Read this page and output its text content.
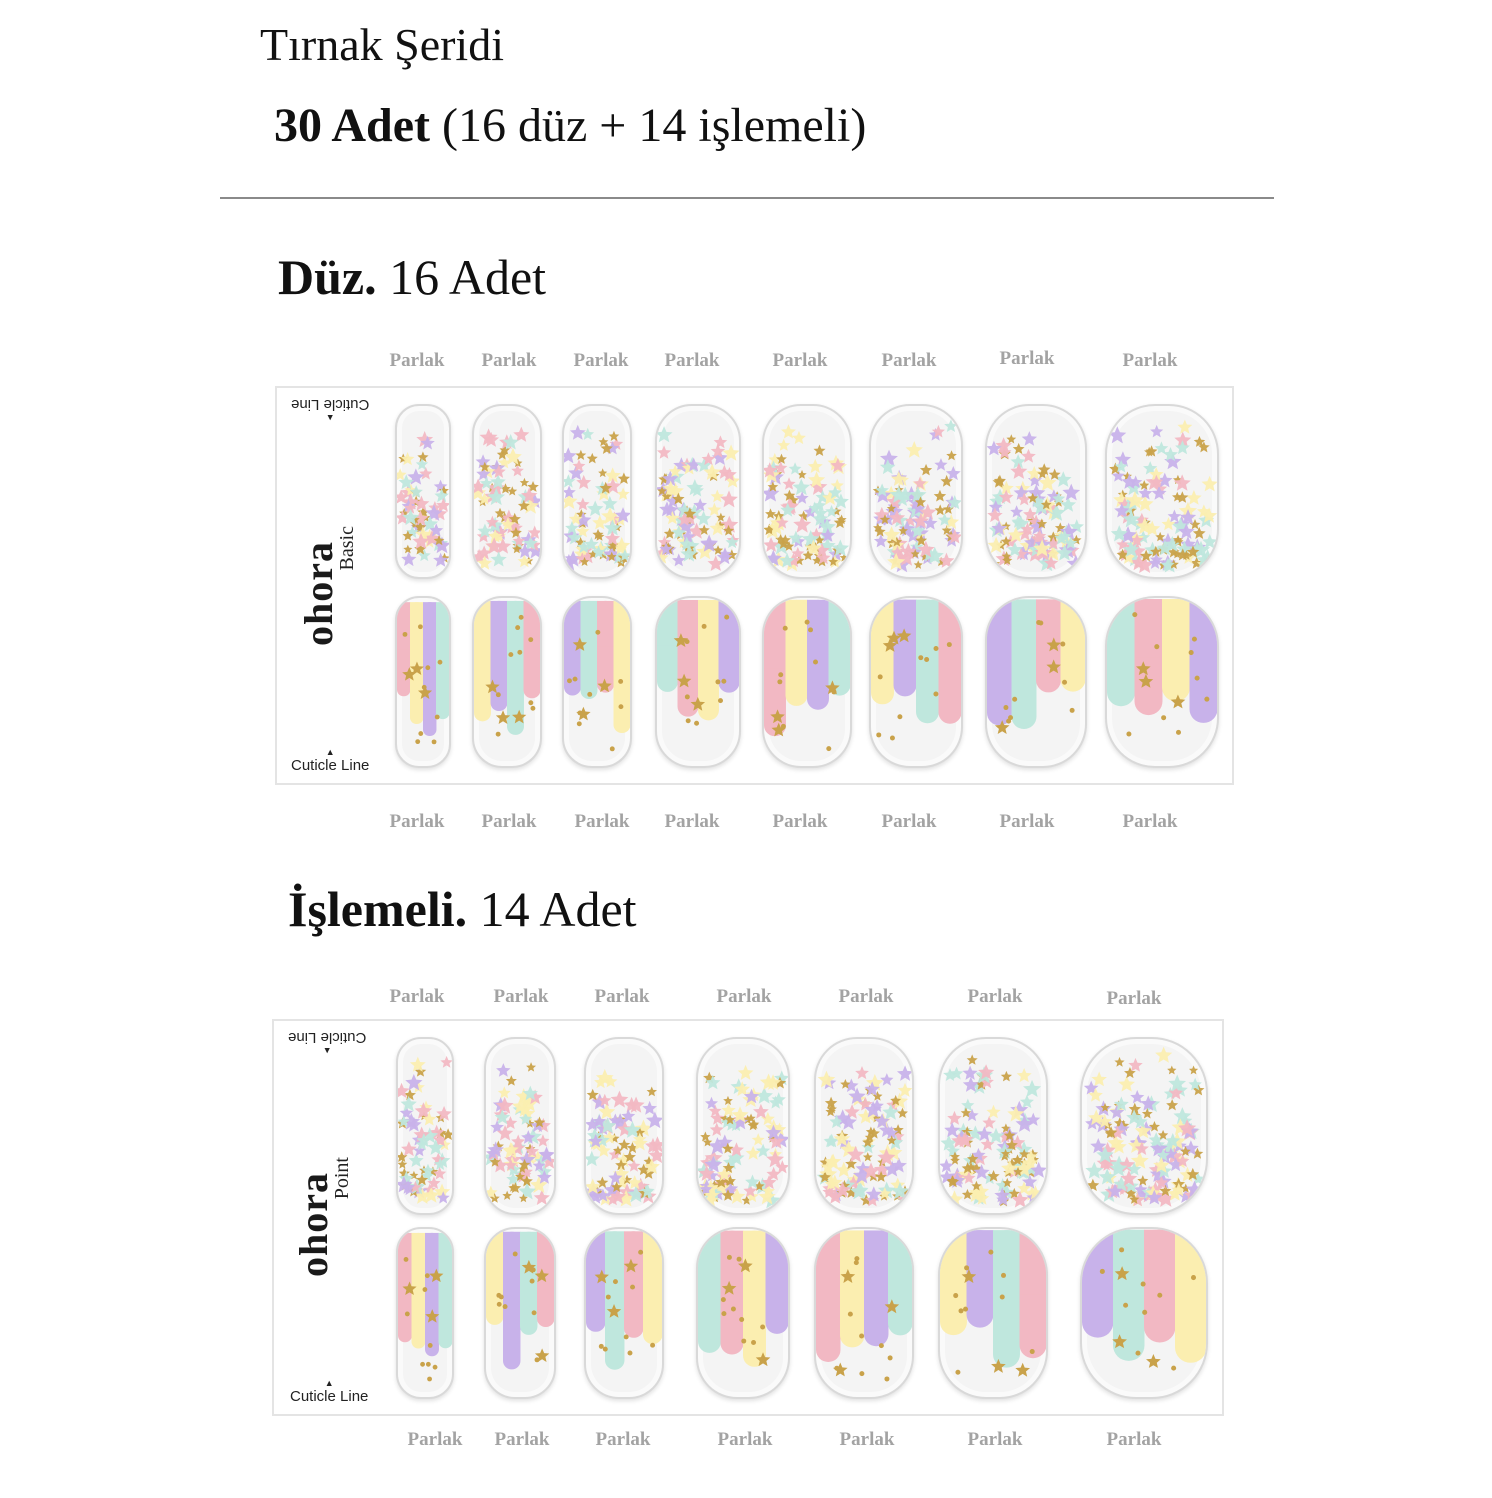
Tırnak Şeridi
30 Adet (16 düz + 14 işlemeli)
Düz. 16 Adet
Parlak Parlak Parlak Parlak	Parlak	Parlak	Parlak	Parlak
▲
Cuticle Line
ohora
Basic
▲
Cuticle Line
Parlak Parlak Parlak Parlak	Parlak	Parlak	Parlak	Parlak
İşlemeli. 14 Adet
Parlak	Parlak Parlak	Parlak	Parlak	Parlak	Parlak
▲
Cuticle Line
ohora
Point
▲
Cuticle Line
Parlak Parlak Parlak	Parlak	Parlak	Parlak	Parlak
